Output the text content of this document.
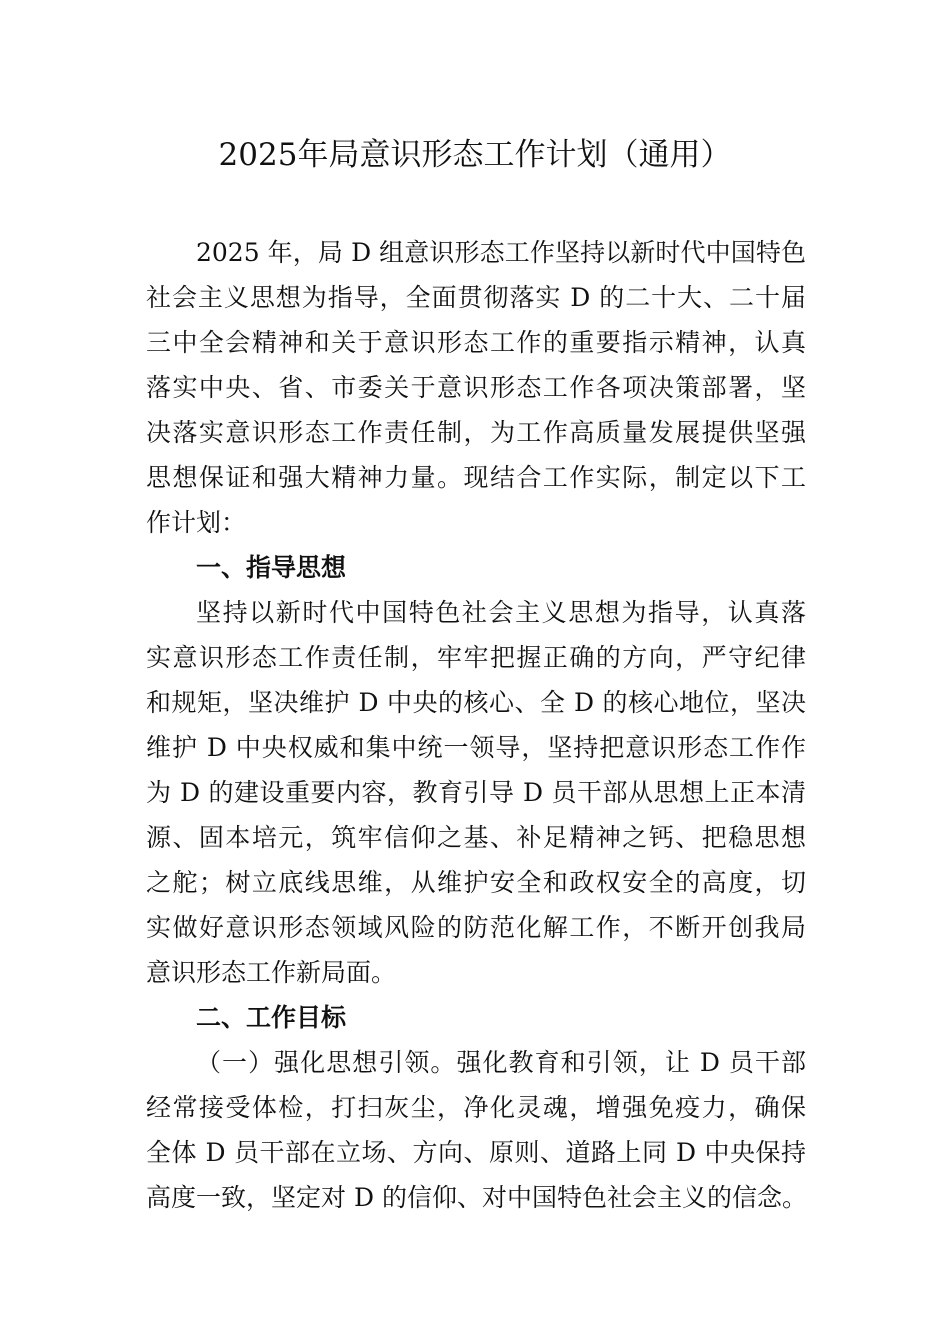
2025年局意识形态工作计划（通用）
2025 年，局 D 组意识形态工作坚持以新时代中国特色
社会主义思想为指导，全面贯彻落实 D 的二十大、二十届
三中全会精神和关于意识形态工作的重要指示精神，认真
落实中央、省、市委关于意识形态工作各项决策部署，坚
决落实意识形态工作责任制，为工作高质量发展提供坚强
思想保证和强大精神力量。现结合工作实际，制定以下工
作计划：
一、指导思想
坚持以新时代中国特色社会主义思想为指导，认真落
实意识形态工作责任制，牢牢把握正确的方向，严守纪律
和规矩，坚决维护 D 中央的核心、全 D 的核心地位，坚决
维护 D 中央权威和集中统一领导，坚持把意识形态工作作
为 D 的建设重要内容，教育引导 D 员干部从思想上正本清
源、固本培元，筑牢信仰之基、补足精神之钙、把稳思想
之舵；树立底线思维，从维护安全和政权安全的高度，切
实做好意识形态领域风险的防范化解工作，不断开创我局
意识形态工作新局面。
二、工作目标
（一）强化思想引领。强化教育和引领，让 D 员干部
经常接受体检，打扫灰尘，净化灵魂，增强免疫力，确保
全体 D 员干部在立场、方向、原则、道路上同 D 中央保持
高度一致，坚定对 D 的信仰、对中国特色社会主义的信念。
